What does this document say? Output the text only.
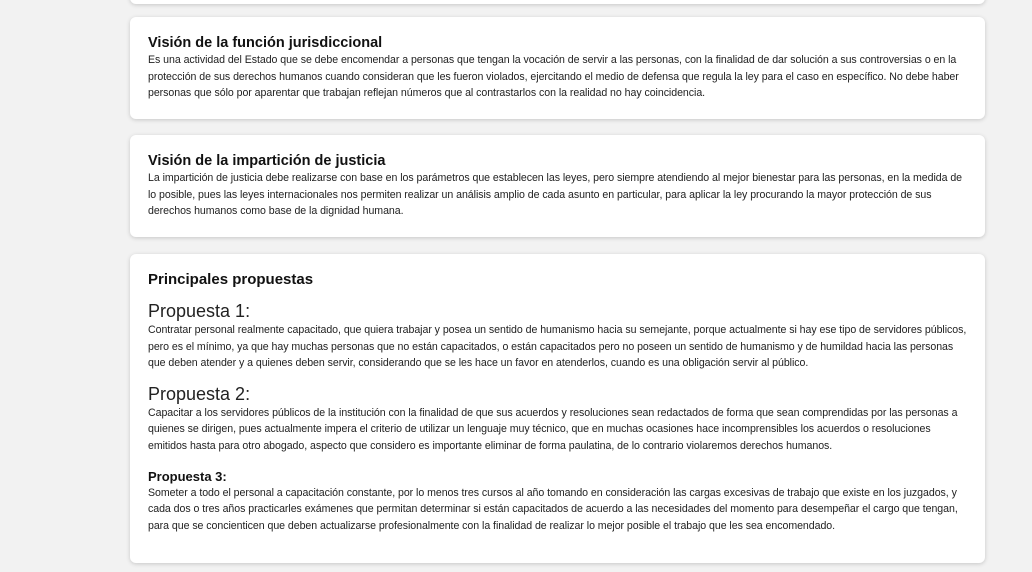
Visión de la función jurisdiccional

Es una actividad del Estado que se debe encomendar a personas que tengan la vocación de servir a las personas, con la finalidad de dar solución a sus controversias o en la protección de sus derechos humanos cuando consideran que les fueron violados, ejercitando el medio de defensa que regula la ley para el caso en específico. No debe haber personas que sólo por aparentar que trabajan reflejan números que al contrastarlos con la realidad no hay coincidencia.

Visión de la impartición de justicia

La impartición de justicia debe realizarse con base en los parámetros que establecen las leyes, pero siempre atendiendo al mejor bienestar para las personas, en la medida de lo posible, pues las leyes internacionales nos permiten realizar un análisis amplio de cada asunto en particular, para aplicar la ley procurando la mayor protección de sus derechos humanos como base de la dignidad humana.

Principales propuestas
Propuesta 1:

Contratar personal realmente capacitado, que quiera trabajar y posea un sentido de humanismo hacia su semejante, porque actualmente si hay ese tipo de servidores públicos, pero es el mínimo, ya que hay muchas personas que no están capacitados, o están capacitados pero no poseen un sentido de humanismo y de humildad hacia las personas que deben atender y a quienes deben servir, considerando que se les hace un favor en atenderlos, cuando es una obligación servir al público.

Propuesta 2:

Capacitar a los servidores públicos de la institución con la finalidad de que sus acuerdos y resoluciones sean redactados de forma que sean comprendidas por las personas a quienes se dirigen, pues actualmente impera el criterio de utilizar un lenguaje muy técnico, que en muchas ocasiones hace incomprensibles los acuerdos o resoluciones emitidos hasta para otro abogado, aspecto que considero es importante eliminar de forma paulatina, de lo contrario violaremos derechos humanos.

Propuesta 3:

Someter a todo el personal a capacitación constante, por lo menos tres cursos al año tomando en consideración las cargas excesivas de trabajo que existe en los juzgados, y cada dos o tres años practicarles exámenes que permitan determinar si están capacitados de acuerdo a las necesidades del momento para desempeñar el cargo que tengan, para que se concienticen que deben actualizarse profesionalmente con la finalidad de realizar lo mejor posible el trabajo que les sea encomendado.
